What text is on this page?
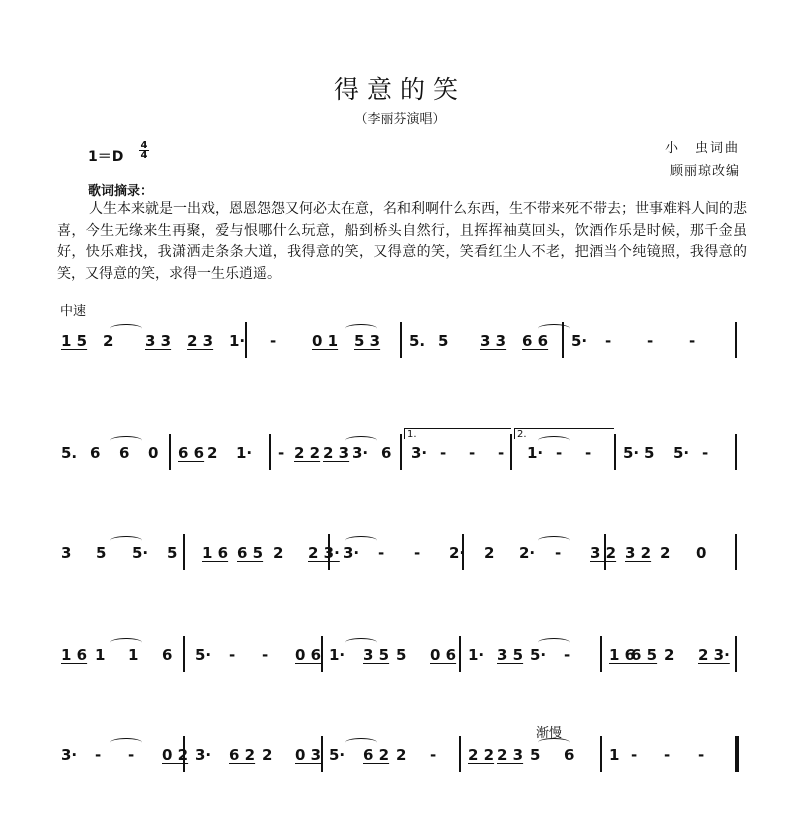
得意的笑
（李丽芬演唱）
1＝D
4
4	小　虫词曲
顾丽琼改编
歌词摘录：
人生本来就是一出戏，恩恩怨怨又何必太在意，名和利啊什么东西，生不带来死不带去；世事难料人间的悲喜，今生无缘来生再聚，爱与恨哪什么玩意，船到桥头自然行，且挥挥袖莫回头，饮酒作乐是时候，那千金虽好，快乐难找，我潇洒走条条大道，我得意的笑，又得意的笑，笑看红尘人不老，把酒当个纯镜照，我得意的笑，又得意的笑，求得一生乐逍遥。
中速
渐慢
1 5 2 3 3 2 3 1· - 0 1 5 3 5. 5 3 3 6 6 5· - - -
5. 6 6 0 6 6 2 1· - 2 2 2 3 3· 6 3· - - - 1· - - 5· 5 5· -
1.	2.
3 5 5· 5 1 6 6 5 2 2 3· 3· - - 2· 2 2· - 3 2 3 2 2 0
1 6 1 1 6 5· - - 0 6 1· 3 5 5 0 6 1· 3 5 5· -	1 6
6 5 2 2 3·
3· - - 0 2 3· 6 2 2 0 3 5· 6 2 2 - 2 2 2 3 5 6 1 - - -
